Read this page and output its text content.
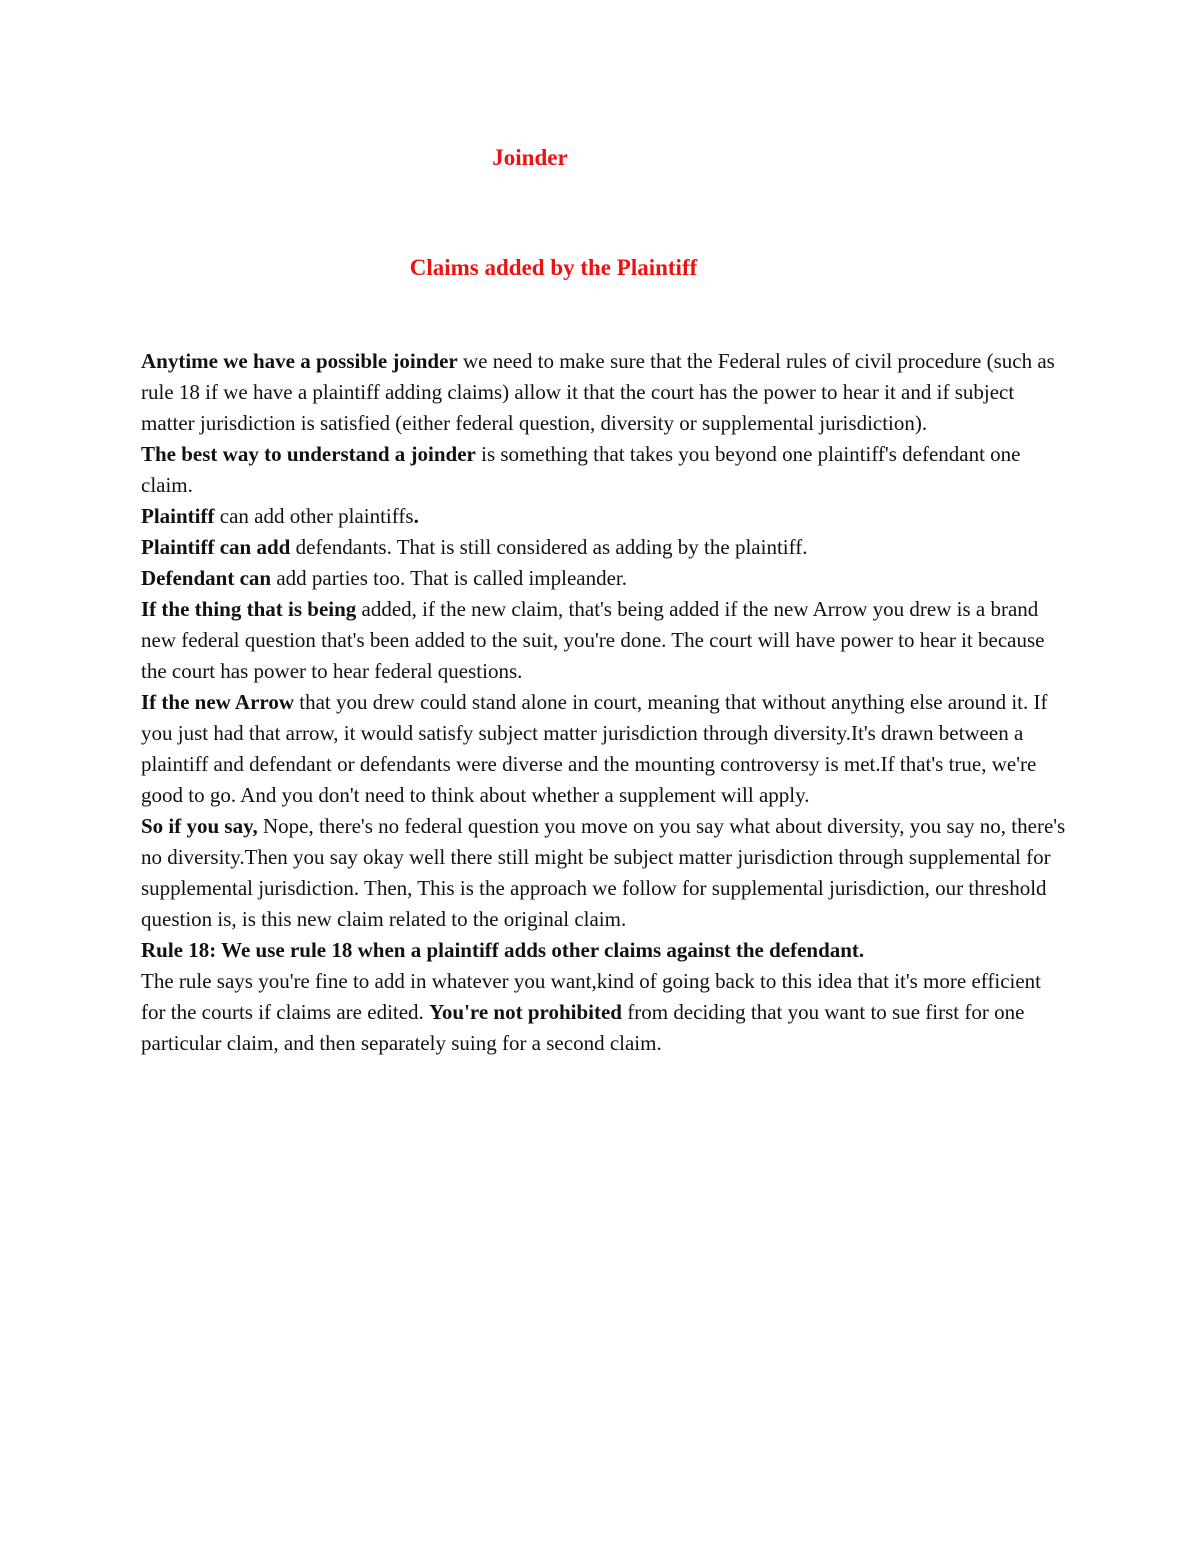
Joinder
Claims added by the Plaintiff

Anytime we have a possible joinder we need to make sure that the Federal rules of civil procedure (such as rule 18 if we have a plaintiff adding claims) allow it that the court has the power to hear it and if subject matter jurisdiction is satisfied (either federal question, diversity or supplemental jurisdiction).

The best way to understand a joinder is something that takes you beyond one plaintiff's defendant one claim.

Plaintiff can add other plaintiffs.

Plaintiff can add defendants. That is still considered as adding by the plaintiff.

Defendant can add parties too. That is called impleander.

If the thing that is being added, if the new claim, that's being added if the new Arrow you drew is a brand new federal question that's been added to the suit, you're done. The court will have power to hear it because the court has power to hear federal questions.

If the new Arrow that you drew could stand alone in court, meaning that without anything else around it. If you just had that arrow, it would satisfy subject matter jurisdiction through diversity.It's drawn between a plaintiff and defendant or defendants were diverse and the mounting controversy is met.If that's true, we're good to go. And you don't need to think about whether a supplement will apply.

So if you say, Nope, there's no federal question you move on you say what about diversity, you say no, there's no diversity.Then you say okay well there still might be subject matter jurisdiction through supplemental for supplemental jurisdiction. Then, This is the approach we follow for supplemental jurisdiction, our threshold question is, is this new claim related to the original claim.

Rule 18: We use rule 18 when a plaintiff adds other claims against the defendant.

The rule says you're fine to add in whatever you want,kind of going back to this idea that it's more efficient for the courts if claims are edited. You're not prohibited from deciding that you want to sue first for one particular claim, and then separately suing for a second claim.
